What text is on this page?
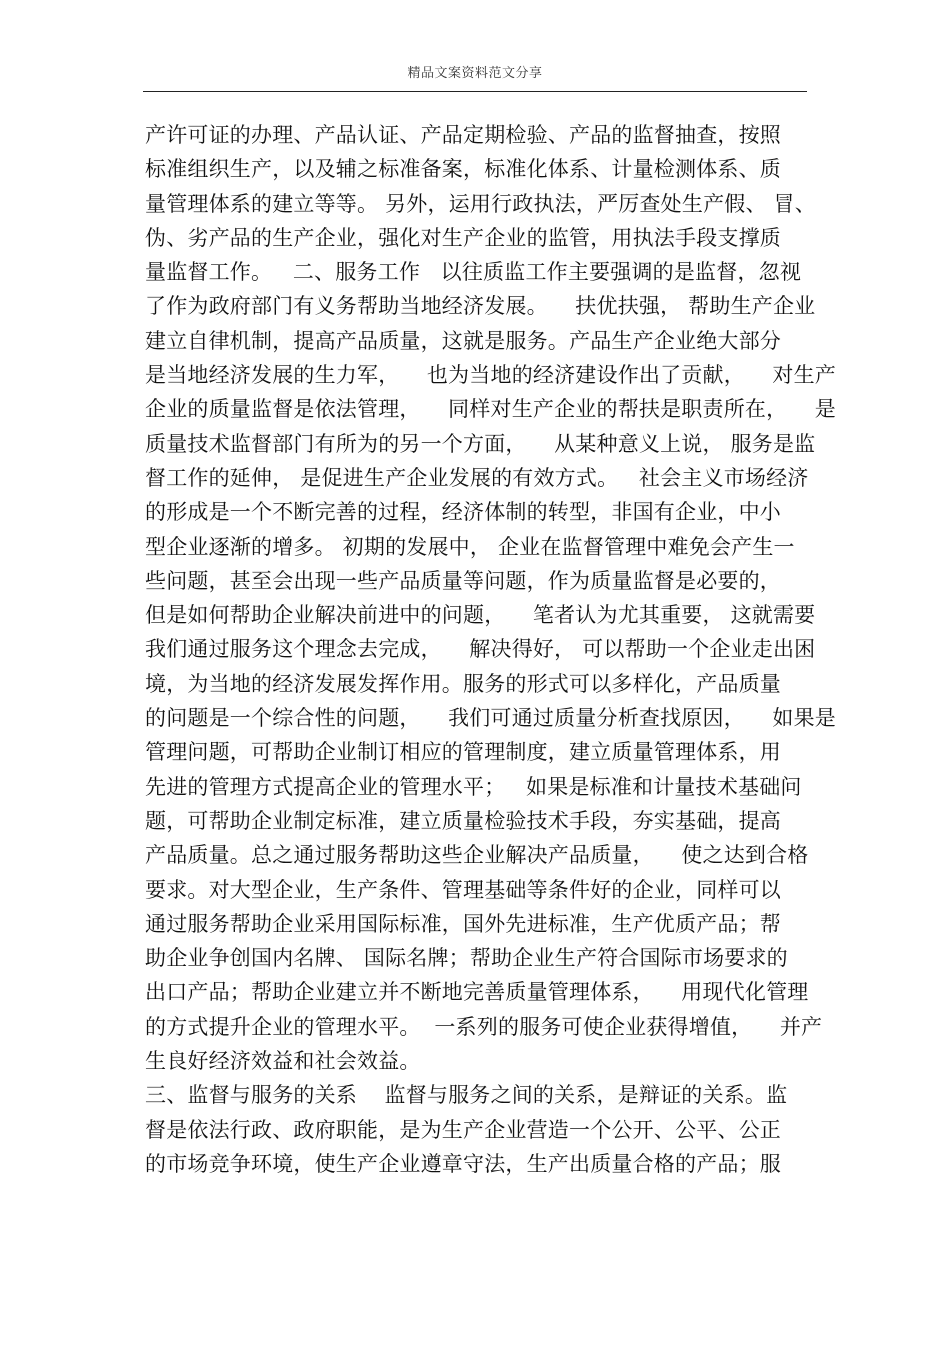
精品文案资料范文分享
产许可证的办理、产品认证、产品定期检验、产品的监督抽查，按照
标准组织生产，以及辅之标准备案，标准化体系、计量检测体系、质
量管理体系的建立等等。 另外，运用行政执法，严厉查处生产假、 冒、
伪、劣产品的生产企业，强化对生产企业的监管，用执法手段支撑质
量监督工作。   二、服务工作   以往质监工作主要强调的是监督，忽视
了作为政府部门有义务帮助当地经济发展。    扶优扶强， 帮助生产企业
建立自律机制，提高产品质量，这就是服务。产品生产企业绝大部分
是当地经济发展的生力军，    也为当地的经济建设作出了贡献，    对生产
企业的质量监督是依法管理，    同样对生产企业的帮扶是职责所在，    是
质量技术监督部门有所为的另一个方面，    从某种意义上说， 服务是监
督工作的延伸， 是促进生产企业发展的有效方式。   社会主义市场经济
的形成是一个不断完善的过程，经济体制的转型，非国有企业，中小
型企业逐渐的增多。 初期的发展中， 企业在监督管理中难免会产生一
些问题，甚至会出现一些产品质量等问题，作为质量监督是必要的，
但是如何帮助企业解决前进中的问题，    笔者认为尤其重要， 这就需要
我们通过服务这个理念去完成，    解决得好， 可以帮助一个企业走出困
境，为当地的经济发展发挥作用。服务的形式可以多样化，产品质量
的问题是一个综合性的问题，    我们可通过质量分析查找原因，    如果是
管理问题，可帮助企业制订相应的管理制度，建立质量管理体系，用
先进的管理方式提高企业的管理水平；   如果是标准和计量技术基础问
题，可帮助企业制定标准，建立质量检验技术手段，夯实基础，提高
产品质量。总之通过服务帮助这些企业解决产品质量，    使之达到合格
要求。对大型企业，生产条件、管理基础等条件好的企业，同样可以
通过服务帮助企业采用国际标准，国外先进标准，生产优质产品；帮
助企业争创国内名牌、 国际名牌；帮助企业生产符合国际市场要求的
出口产品；帮助企业建立并不断地完善质量管理体系，    用现代化管理
的方式提升企业的管理水平。  一系列的服务可使企业获得增值，    并产
生良好经济效益和社会效益。
三、监督与服务的关系    监督与服务之间的关系，是辩证的关系。监
督是依法行政、政府职能，是为生产企业营造一个公开、公平、公正
的市场竞争环境，使生产企业遵章守法，生产出质量合格的产品；服
